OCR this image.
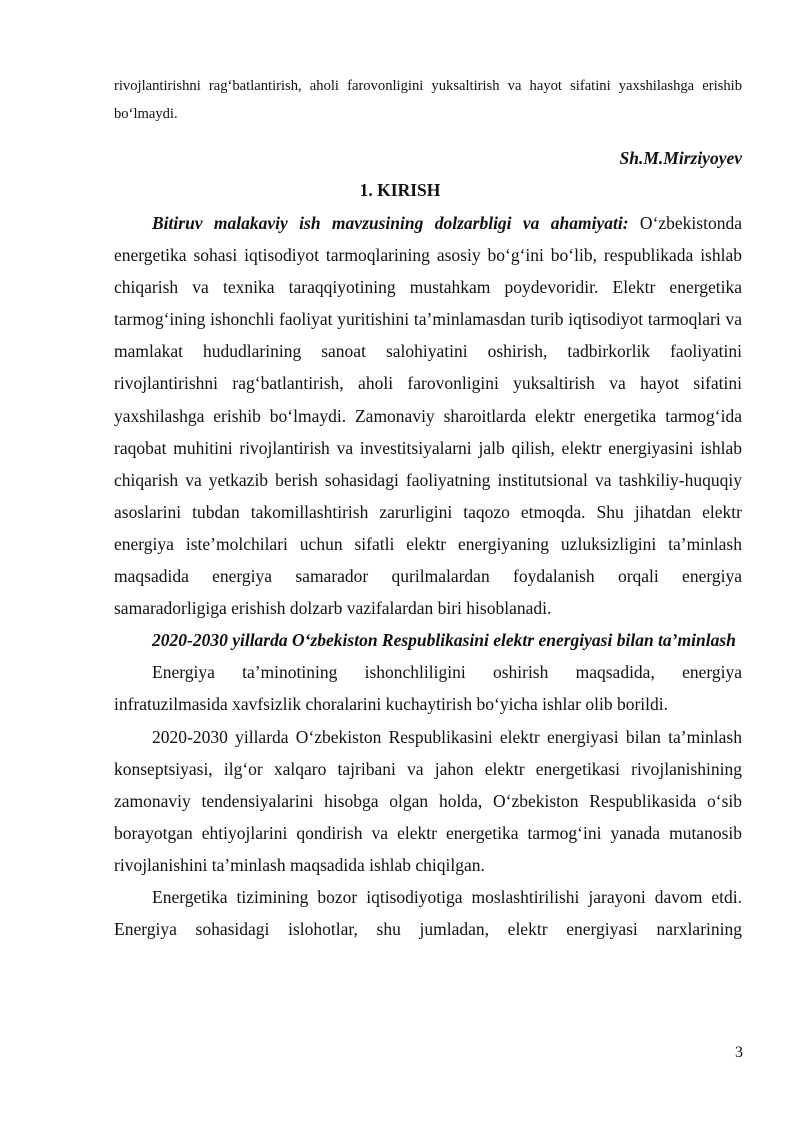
rivojlantirishni rag‘batlantirish, aholi farovonligini yuksaltirish va hayot sifatini yaxshilashga erishib bo‘lmaydi.
Sh.M.Mirziyoyev
1. KIRISH

Bitiruv malakaviy ish mavzusining dolzarbligi va ahamiyati: O‘zbekistonda energetika sohasi iqtisodiyot tarmoqlarining asosiy bo‘g‘ini bo‘lib, respublikada ishlab chiqarish va texnika taraqqiyotining mustahkam poydevoridir. Elektr energetika tarmog‘ining ishonchli faoliyat yuritishini ta’minlamasdan turib iqtisodiyot tarmoqlari va mamlakat hududlarining sanoat salohiyatini oshirish, tadbirkorlik faoliyatini rivojlantirishni rag‘batlantirish, aholi farovonligini yuksaltirish va hayot sifatini yaxshilashga erishib bo‘lmaydi. Zamonaviy sharoitlarda elektr energetika tarmog‘ida raqobat muhitini rivojlantirish va investitsiyalarni jalb qilish, elektr energiyasini ishlab chiqarish va yetkazib berish sohasidagi faoliyatning institutsional va tashkiliy-huquqiy asoslarini tubdan takomillashtirish zarurligini taqozo etmoqda. Shu jihatdan elektr energiya iste’molchilari uchun sifatli elektr energiyaning uzluksizligini ta’minlash maqsadida energiya samarador qurilmalardan foydalanish orqali energiya samaradorligiga erishish dolzarb vazifalardan biri hisoblanadi.

2020-2030 yillarda O‘zbekiston Respublikasini elektr energiyasi bilan ta’minlash

Energiya ta’minotining ishonchliligini oshirish maqsadida, energiya infratuzilmasida xavfsizlik choralarini kuchaytirish bo‘yicha ishlar olib borildi.

2020-2030 yillarda O‘zbekiston Respublikasini elektr energiyasi bilan ta’minlash konseptsiyasi, ilg‘or xalqaro tajribani va jahon elektr energetikasi rivojlanishining zamonaviy tendensiyalarini hisobga olgan holda, O‘zbekiston Respublikasida o‘sib borayotgan ehtiyojlarini qondirish va elektr energetika tarmog‘ini yanada mutanosib rivojlanishini ta’minlash maqsadida ishlab chiqilgan.

Energetika tizimining bozor iqtisodiyotiga moslashtirilishi jarayoni davom etdi. Energiya sohasidagi islohotlar, shu jumladan, elektr energiyasi narxlarining

3
